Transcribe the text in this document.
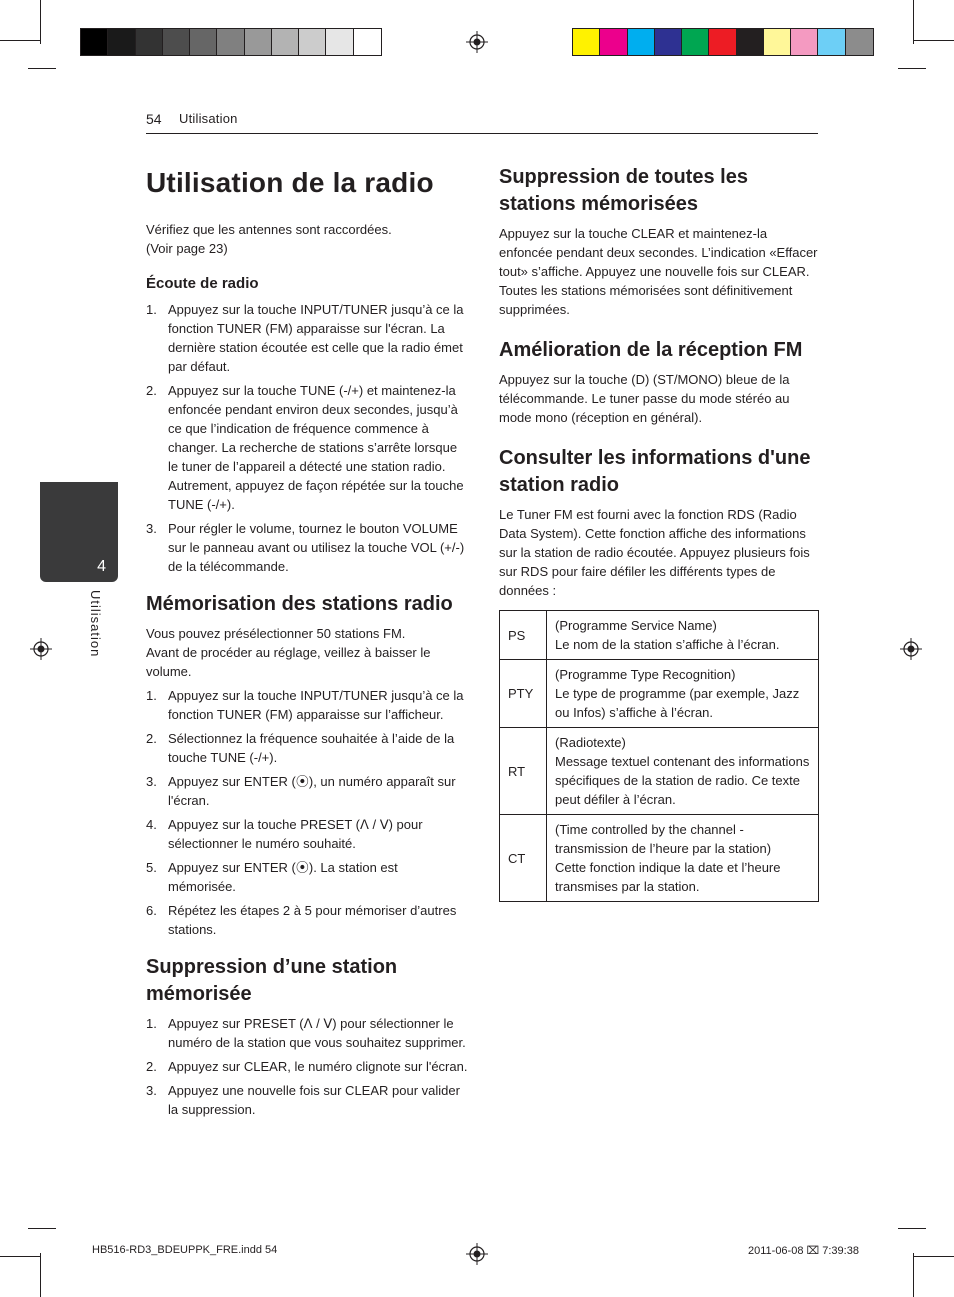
54 Utilisation
4
Utilisation
Utilisation de la radio

Vérifiez que les antennes sont raccordées.

(Voir page 23)

Écoute de radio
1. Appuyez sur la touche INPUT/TUNER jusqu’à ce la fonction TUNER (FM) apparaisse sur l'écran. La dernière station écoutée est celle que la radio émet par défaut.
2. Appuyez sur la touche TUNE (-/+) et maintenez-la enfoncée pendant environ deux secondes, jusqu’à ce que l’indication de fréquence commence à changer. La recherche de stations s’arrête lorsque le tuner de l’appareil a détecté une station radio. Autrement, appuyez de façon répétée sur la touche TUNE (-/+).
3. Pour régler le volume, tournez le bouton VOLUME sur le panneau avant ou utilisez la touche VOL (+/-) de la télécommande.
Mémorisation des stations radio

Vous pouvez présélectionner 50 stations FM.

Avant de procéder au réglage, veillez à baisser le volume.

1. Appuyez sur la touche INPUT/TUNER jusqu’à ce la fonction TUNER (FM) apparaisse sur l’afficheur.
2. Sélectionnez la fréquence souhaitée à l’aide de la touche TUNE (-/+).
3. Appuyez sur ENTER (⦿), un numéro apparaît sur l'écran.
4. Appuyez sur la touche PRESET (ᐱ / ᐯ) pour sélectionner le numéro souhaité.
5. Appuyez sur ENTER (⦿). La station est mémorisée.
6. Répétez les étapes 2 à 5 pour mémoriser d’autres stations.
Suppression d’une station mémorisée
1. Appuyez sur PRESET (ᐱ / ᐯ) pour sélectionner le numéro de la station que vous souhaitez supprimer.
2. Appuyez sur CLEAR, le numéro clignote sur l'écran.
3. Appuyez une nouvelle fois sur CLEAR pour valider la suppression.
Suppression de toutes les stations mémorisées

Appuyez sur la touche CLEAR et maintenez-la enfoncée pendant deux secondes. L’indication «Effacer tout» s’affiche. Appuyez une nouvelle fois sur CLEAR. Toutes les stations mémorisées sont définitivement supprimées.

Amélioration de la réception FM

Appuyez sur la touche (D) (ST/MONO) bleue de la télécommande. Le tuner passe du mode stéréo au mode mono (réception en général).

Consulter les informations d'une station radio

Le Tuner FM est fourni avec la fonction RDS (Radio Data System). Cette fonction affiche des informations sur la station de radio écoutée. Appuyez plusieurs fois sur RDS pour faire défiler les différents types de données :

PS	(Programme Service Name)
Le nom de la station s’affiche à l’écran.

PTY	(Programme Type Recognition)
Le type de programme (par exemple, Jazz ou Infos) s’affiche à l’écran.

RT	(Radiotexte)
Message textuel contenant des informations spécifiques de la station de radio. Ce texte peut défiler à l’écran.

CT	(Time controlled by the channel - transmission de l’heure par la station)
Cette fonction indique la date et l’heure transmises par la station.
HB516-RD3_BDEUPPK_FRE.indd 54	2011-06-08 ⌧ 7:39:38
